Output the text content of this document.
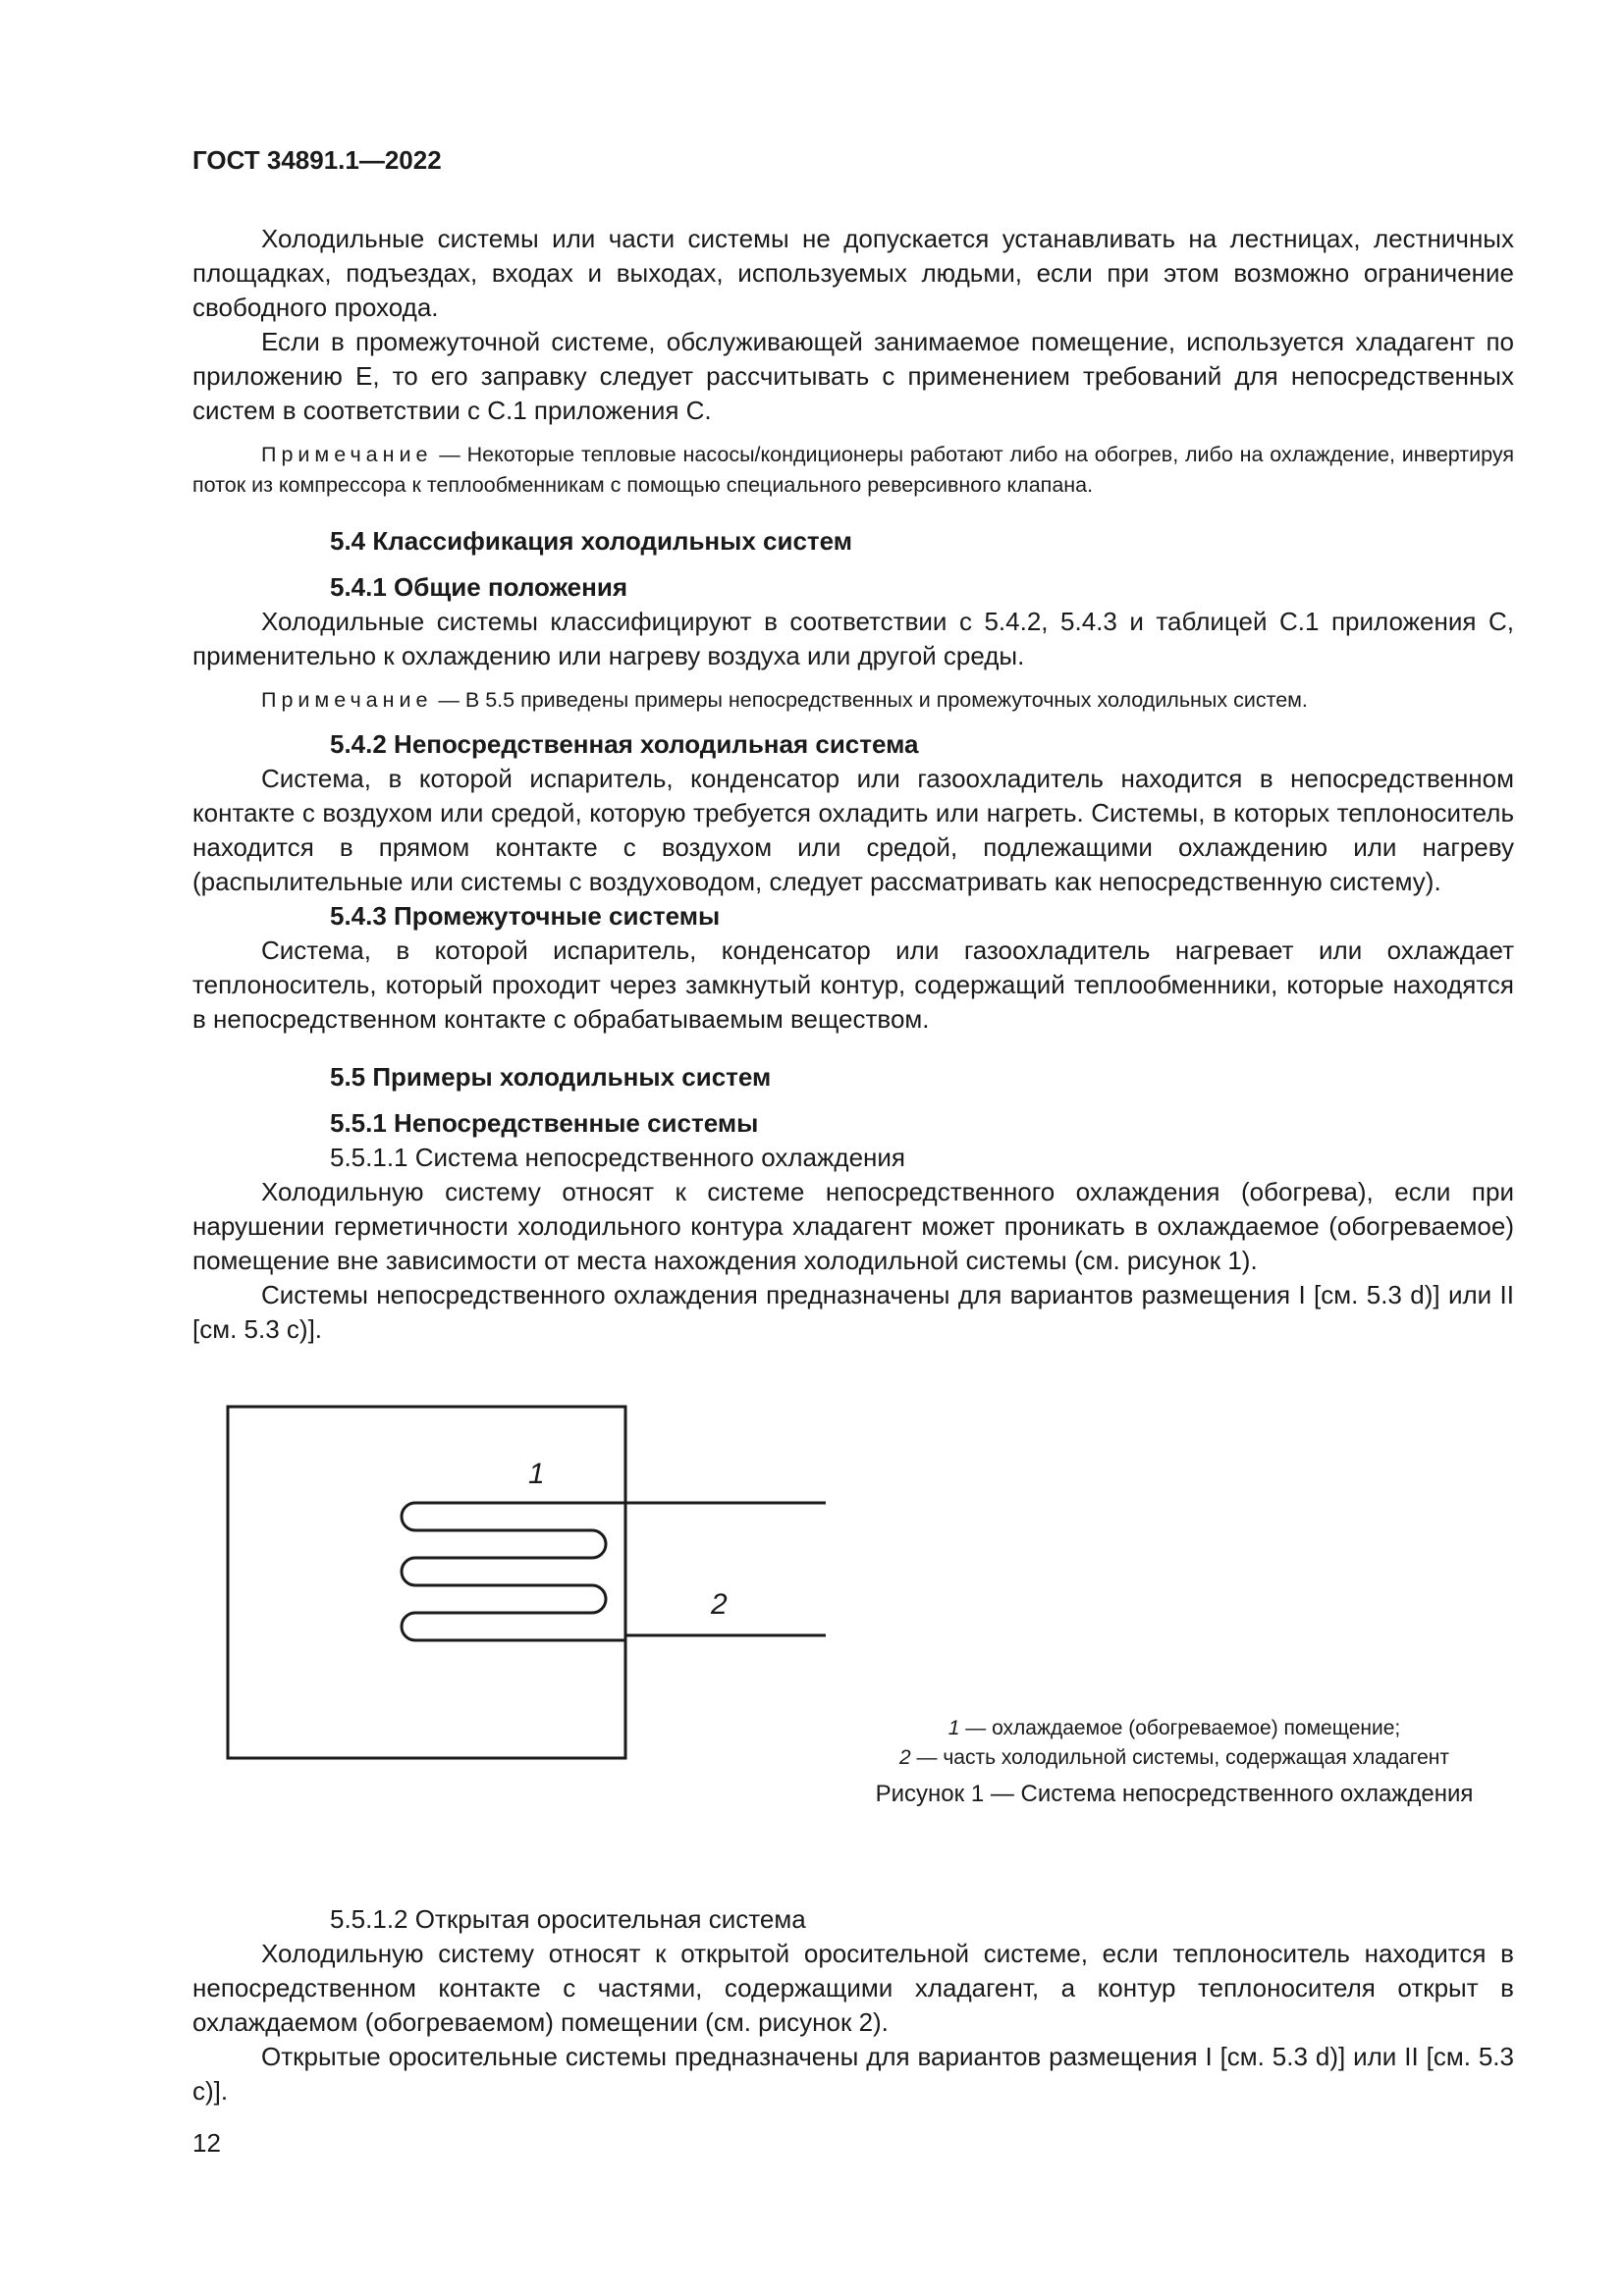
ГОСТ 34891.1—2022

Холодильные системы или части системы не допускается устанавливать на лестницах, лестничных площадках, подъездах, входах и выходах, используемых людьми, если при этом возможно ограничение свободного прохода.

Если в промежуточной системе, обслуживающей занимаемое помещение, используется хладагент по приложению Е, то его заправку следует рассчитывать с применением требований для непосредственных систем в соответствии с С.1 приложения С.

Примечание — Некоторые тепловые насосы/кондиционеры работают либо на обогрев, либо на охлаждение, инвертируя поток из компрессора к теплообменникам с помощью специального реверсивного клапана.

5.4 Классификация холодильных систем

5.4.1 Общие положения

Холодильные системы классифицируют в соответствии с 5.4.2, 5.4.3 и таблицей С.1 приложения С, применительно к охлаждению или нагреву воздуха или другой среды.

Примечание — В 5.5 приведены примеры непосредственных и промежуточных холодильных систем.

5.4.2 Непосредственная холодильная система

Система, в которой испаритель, конденсатор или газоохладитель находится в непосредственном контакте с воздухом или средой, которую требуется охладить или нагреть. Системы, в которых теплоноситель находится в прямом контакте с воздухом или средой, подлежащими охлаждению или нагреву (распылительные или системы с воздуховодом, следует рассматривать как непосредственную систему).

5.4.3 Промежуточные системы

Система, в которой испаритель, конденсатор или газоохладитель нагревает или охлаждает теплоноситель, который проходит через замкнутый контур, содержащий теплообменники, которые находятся в непосредственном контакте с обрабатываемым веществом.

5.5 Примеры холодильных систем

5.5.1 Непосредственные системы

5.5.1.1 Система непосредственного охлаждения

Холодильную систему относят к системе непосредственного охлаждения (обогрева), если при нарушении герметичности холодильного контура хладагент может проникать в охлаждаемое (обогреваемое) помещение вне зависимости от места нахождения холодильной системы (см. рисунок 1).

Системы непосредственного охлаждения предназначены для вариантов размещения I [см. 5.3 d)] или II [см. 5.3 с)].

1
2
1 — охлаждаемое (обогреваемое) помещение;
2 — часть холодильной системы, содержащая хладагент
Рисунок 1 — Система непосредственного охлаждения

5.5.1.2 Открытая оросительная система

Холодильную систему относят к открытой оросительной системе, если теплоноситель находится в непосредственном контакте с частями, содержащими хладагент, а контур теплоносителя открыт в охлаждаемом (обогреваемом) помещении (см. рисунок 2).

Открытые оросительные системы предназначены для вариантов размещения I [см. 5.3 d)] или II [см. 5.3 с)].

12
